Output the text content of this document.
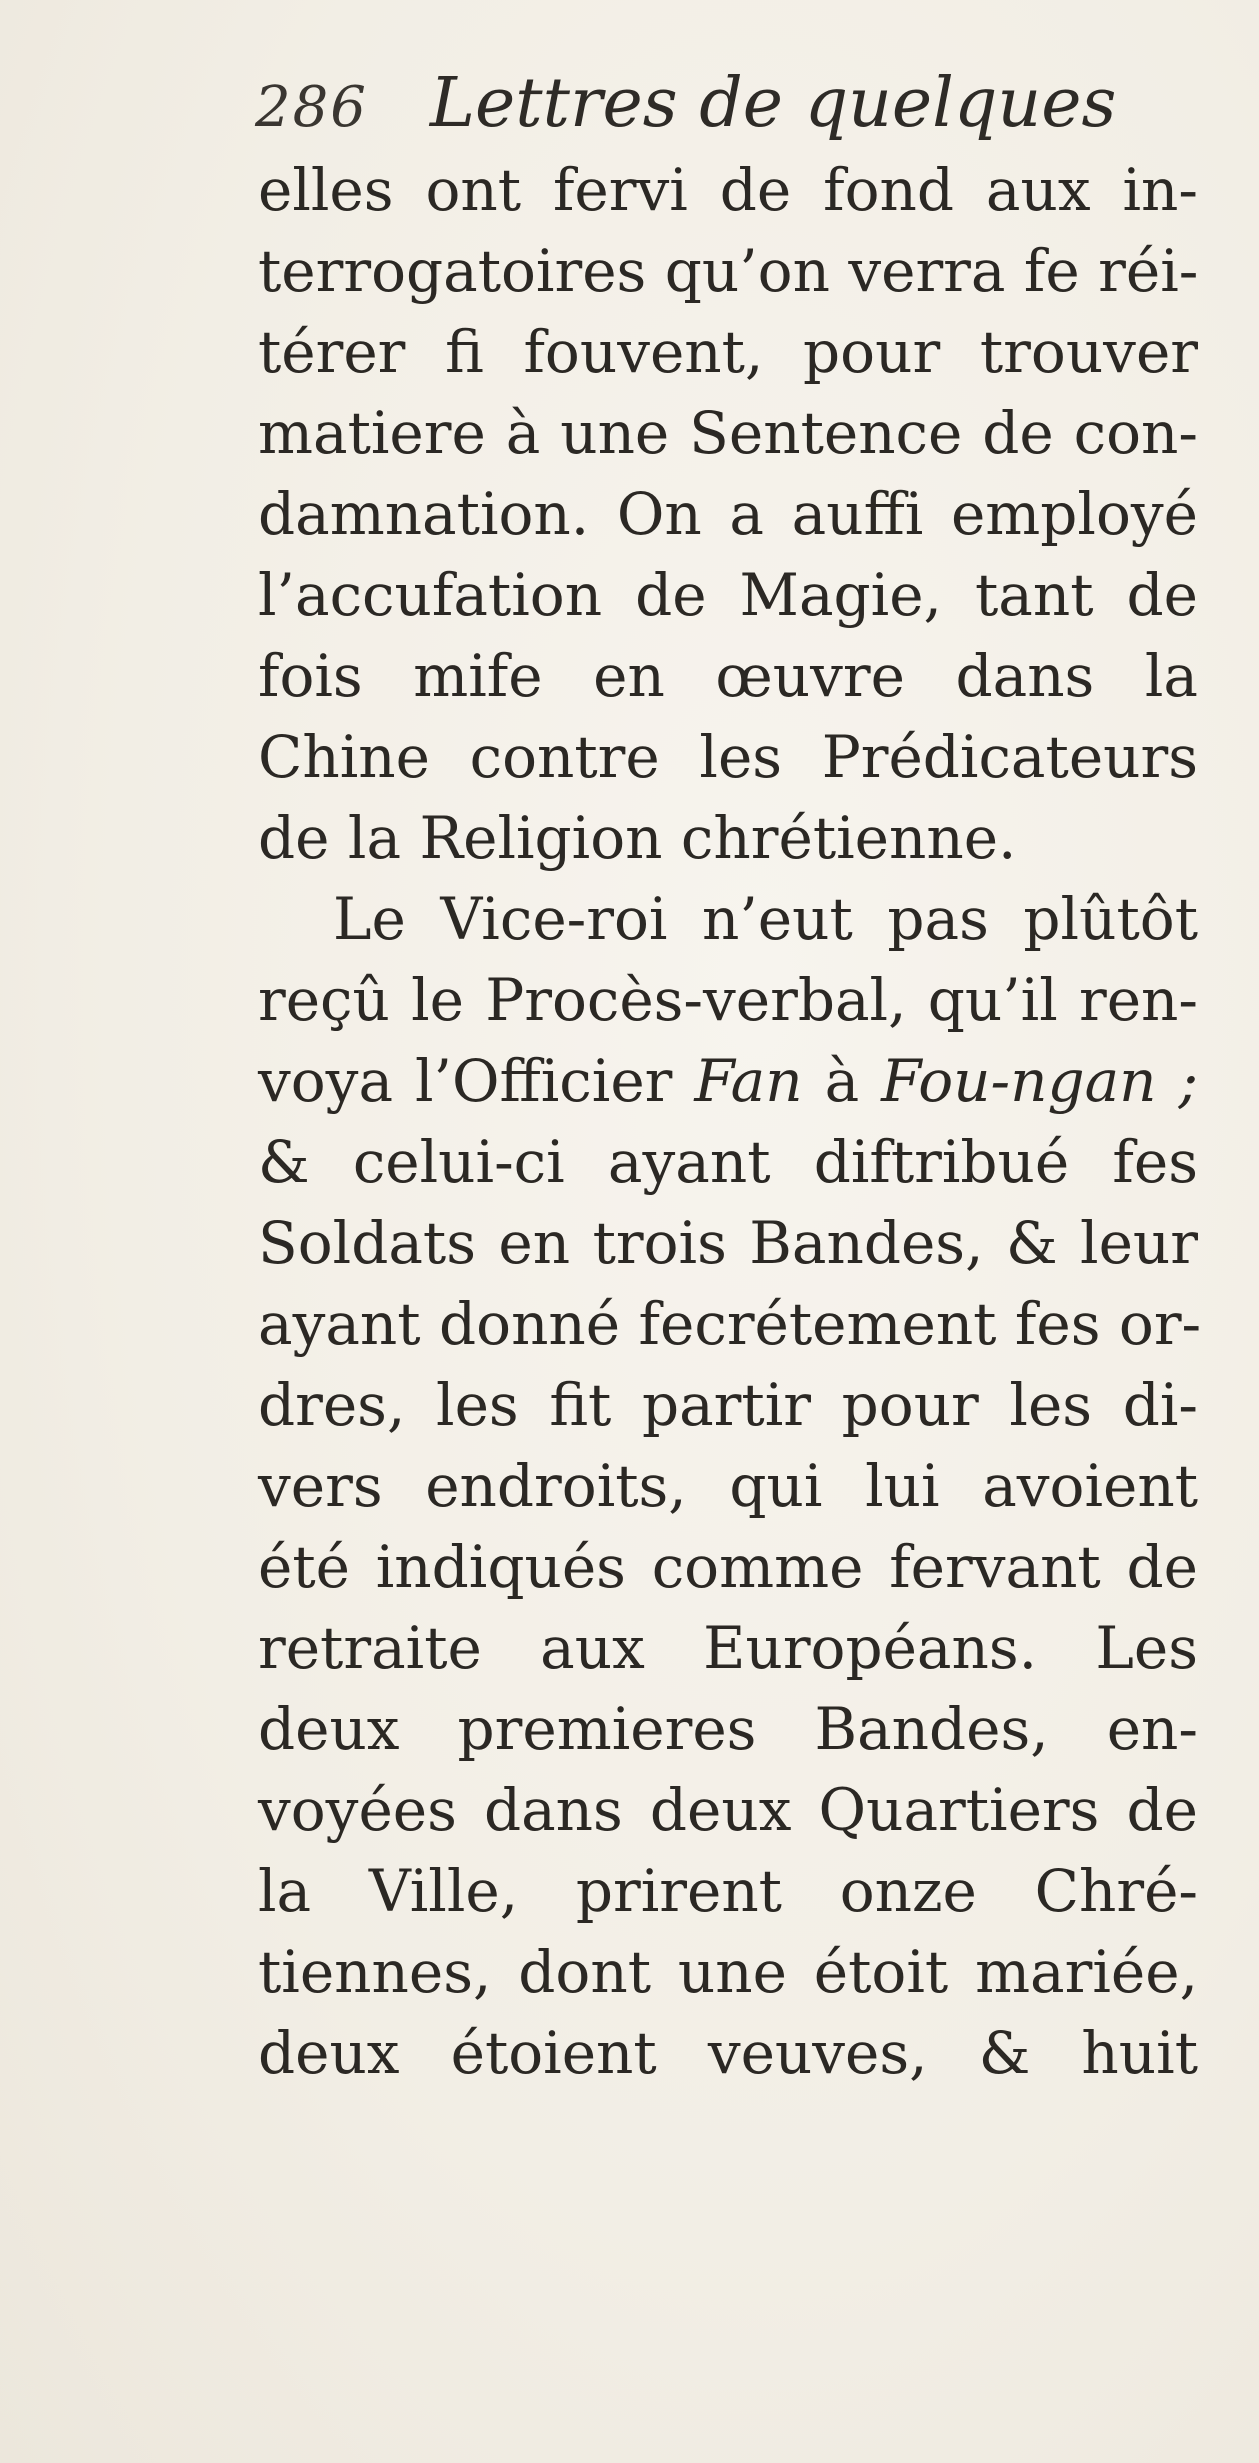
286 Lettres de quelques
elles ont fervi de fond aux in-
terrogatoires qu’on verra fe réi-
térer fi fouvent, pour trouver
matiere à une Sentence de con-
damnation. On a auffi employé
l’accufation de Magie, tant de
fois mife en œuvre dans la
Chine contre les Prédicateurs
de la Religion chrétienne.
Le Vice-roi n’eut pas plûtôt
reçû le Procès-verbal, qu’il ren-
voya l’Officier Fan à Fou-ngan ;
& celui-ci ayant diftribué fes
Soldats en trois Bandes, & leur
ayant donné fecrétement fes or-
dres, les fit partir pour les di-
vers endroits, qui lui avoient
été indiqués comme fervant de
retraite aux Européans. Les
deux premieres Bandes, en-
voyées dans deux Quartiers de
la Ville, prirent onze Chré-
tiennes, dont une étoit mariée,
deux étoient veuves, & huit
